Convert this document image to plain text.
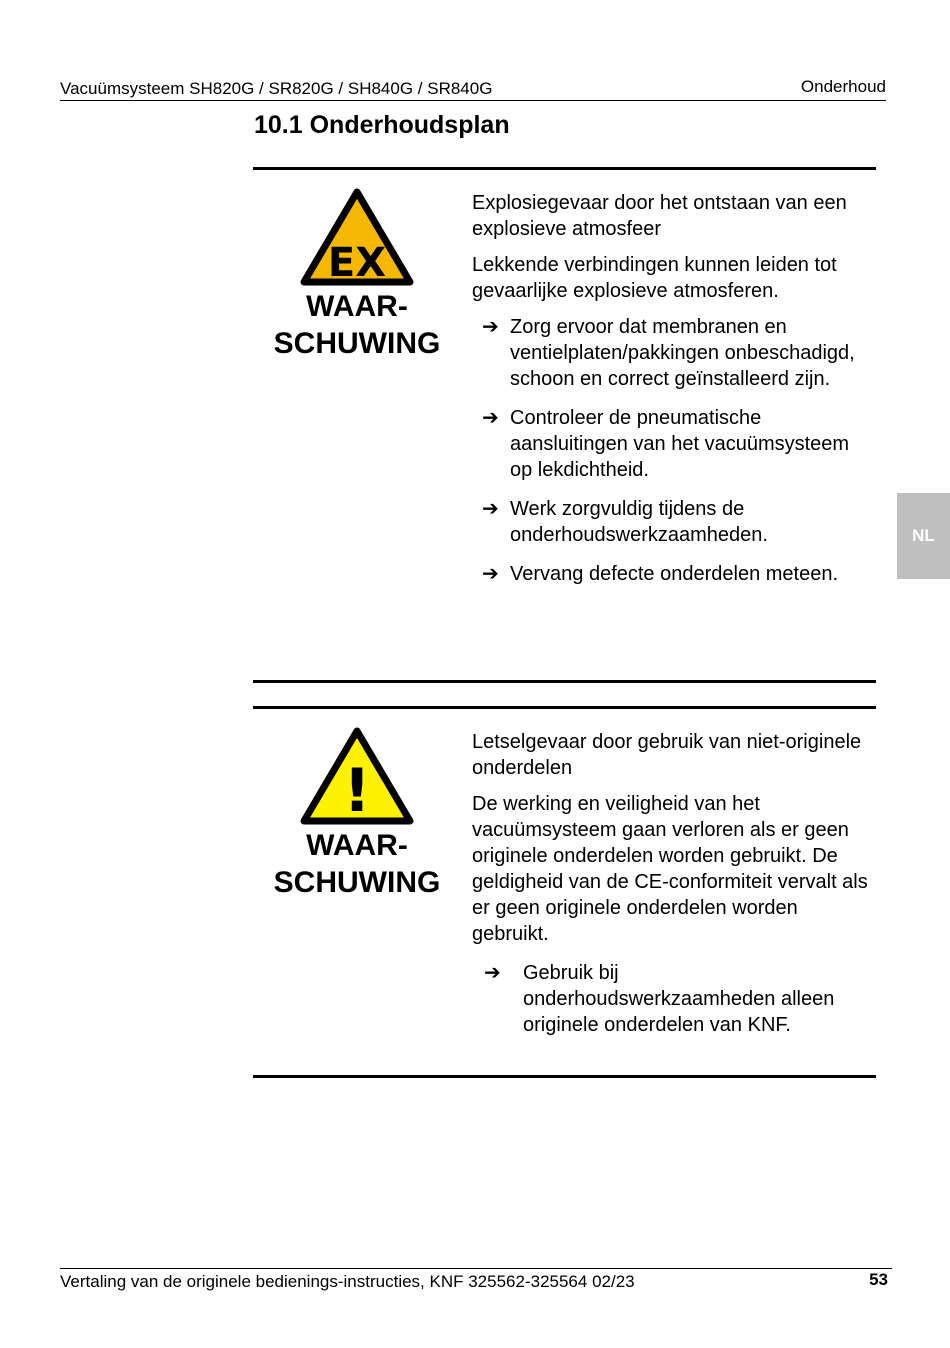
Vacuümsysteem SH820G / SR820G / SH840G / SR840G	Onderhoud
10.1 Onderhoudsplan
EX
WAAR-
SCHUWING

Explosiegevaar door het ontstaan van een explosieve atmosfeer

Lekkende verbindingen kunnen leiden tot gevaarlijke explosieve atmosferen.

➔ Zorg ervoor dat membranen en ventielplaten/pakkingen onbeschadigd, schoon en correct geïnstalleerd zijn.
➔ Controleer de pneumatische aansluitingen van het vacuümsysteem op lekdichtheid.
➔ Werk zorgvuldig tijdens de onderhoudswerkzaamheden.
➔ Vervang defecte onderdelen meteen.
!
WAAR-
SCHUWING

Letselgevaar door gebruik van niet-originele onderdelen

De werking en veiligheid van het vacuümsysteem gaan verloren als er geen originele onderdelen worden gebruikt. De geldigheid van de CE-conformiteit vervalt als er geen originele onderdelen worden gebruikt.

➔ Gebruik bij onderhoudswerkzaamheden alleen originele onderdelen van KNF.
NL
Vertaling van de originele bedienings-instructies, KNF 325562-325564 02/23	53
